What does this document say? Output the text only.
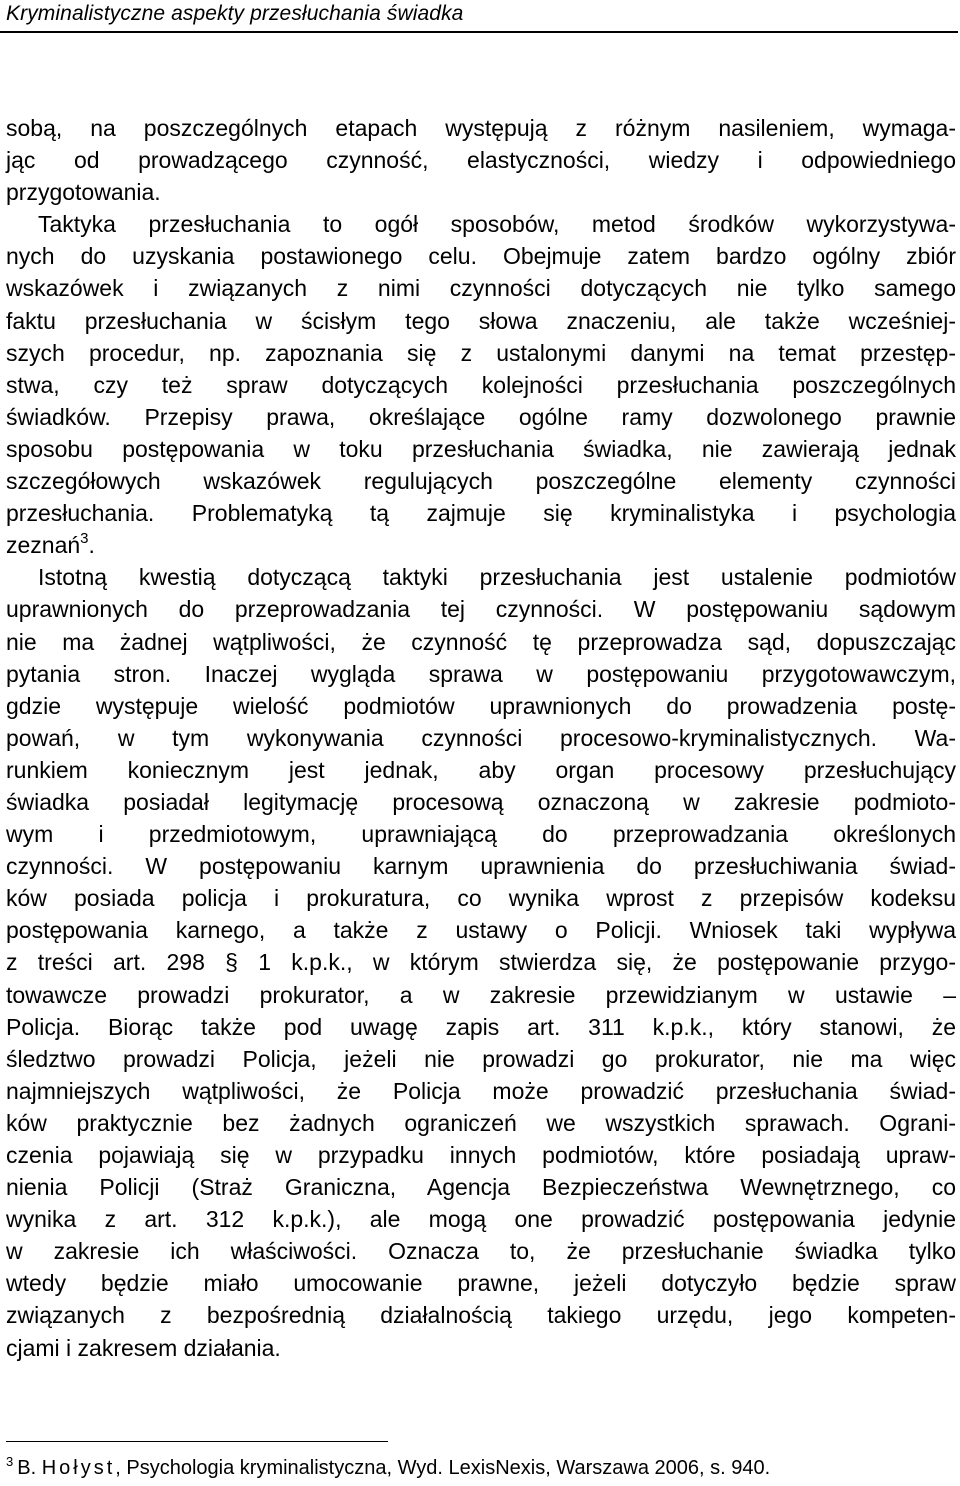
Kryminalistyczne aspekty przesłuchania świadka
sobą, na poszczególnych etapach występują z różnym nasileniem, wymaga-
jąc od prowadzącego czynność, elastyczności, wiedzy i odpowiedniego
przygotowania.
Taktyka przesłuchania to ogół sposobów, metod środków wykorzystywa-
nych do uzyskania postawionego celu. Obejmuje zatem bardzo ogólny zbiór
wskazówek i związanych z nimi czynności dotyczących nie tylko samego
faktu przesłuchania w ścisłym tego słowa znaczeniu, ale także wcześniej-
szych procedur, np. zapoznania się z ustalonymi danymi na temat przestęp-
stwa, czy też spraw dotyczących kolejności przesłuchania poszczególnych
świadków. Przepisy prawa, określające ogólne ramy dozwolonego prawnie
sposobu postępowania w toku przesłuchania świadka, nie zawierają jednak
szczegółowych wskazówek regulujących poszczególne elementy czynności
przesłuchania. Problematyką tą zajmuje się kryminalistyka i psychologia
zeznań$^3$.
Istotną kwestią dotyczącą taktyki przesłuchania jest ustalenie podmiotów
uprawnionych do przeprowadzania tej czynności. W postępowaniu sądowym
nie ma żadnej wątpliwości, że czynność tę przeprowadza sąd, dopuszczając
pytania stron. Inaczej wygląda sprawa w postępowaniu przygotowawczym,
gdzie występuje wielość podmiotów uprawnionych do prowadzenia postę-
powań, w tym wykonywania czynności procesowo-kryminalistycznych. Wa-
runkiem koniecznym jest jednak, aby organ procesowy przesłuchujący
świadka posiadał legitymację procesową oznaczoną w zakresie podmioto-
wym i przedmiotowym, uprawniającą do przeprowadzania określonych
czynności. W postępowaniu karnym uprawnienia do przesłuchiwania świad-
ków posiada policja i prokuratura, co wynika wprost z przepisów kodeksu
postępowania karnego, a także z ustawy o Policji. Wniosek taki wypływa
z treści art. 298 § 1 k.p.k., w którym stwierdza się, że postępowanie przygo-
towawcze prowadzi prokurator, a w zakresie przewidzianym w ustawie –
Policja. Biorąc także pod uwagę zapis art. 311 k.p.k., który stanowi, że
śledztwo prowadzi Policja, jeżeli nie prowadzi go prokurator, nie ma więc
najmniejszych wątpliwości, że Policja może prowadzić przesłuchania świad-
ków praktycznie bez żadnych ograniczeń we wszystkich sprawach. Ograni-
czenia pojawiają się w przypadku innych podmiotów, które posiadają upraw-
nienia Policji (Straż Graniczna, Agencja Bezpieczeństwa Wewnętrznego, co
wynika z art. 312 k.p.k.), ale mogą one prowadzić postępowania jedynie
w zakresie ich właściwości. Oznacza to, że przesłuchanie świadka tylko
wtedy będzie miało umocowanie prawne, jeżeli dotyczyło będzie spraw
związanych z bezpośrednią działalnością takiego urzędu, jego kompeten-
cjami i zakresem działania.
$^3$ B. Hołyst, Psychologia kryminalistyczna, Wyd. LexisNexis, Warszawa 2006, s. 940.
